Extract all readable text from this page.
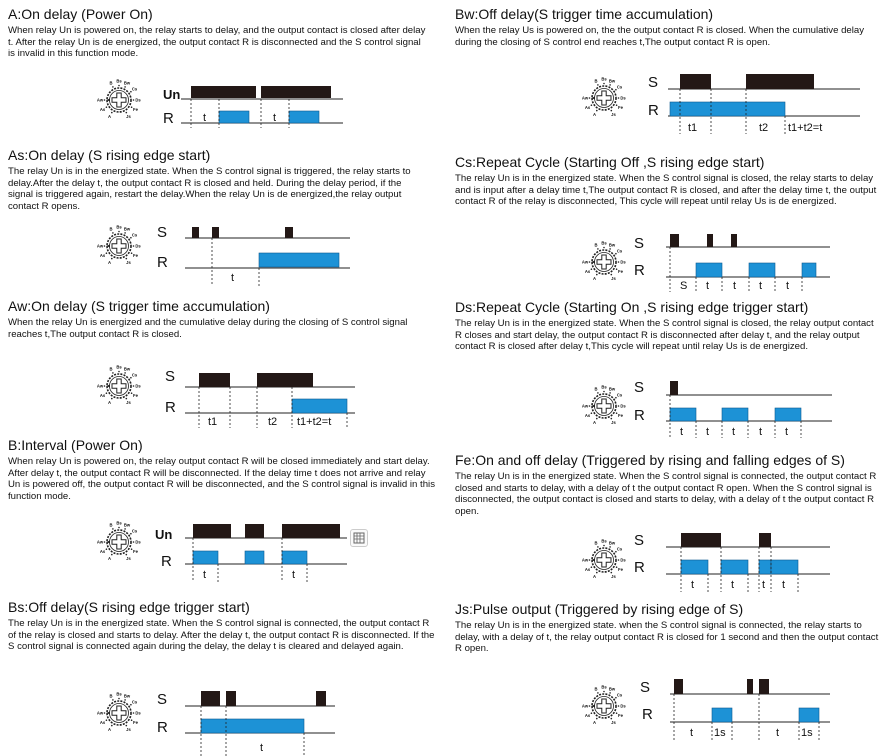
A:On delay (Power On)
When relay Un is powered on, the relay starts to delay, and the output contact is closed after delay t. After the relay Un is de energized, the output contact R is disconnected and the S control signal is invalid in this function mode.
B Bs Bw
Cs
Ds
Fe
Js
A
As
Aw	Un
R	t	t
As:On delay (S rising edge start)
The relay Un is in the energized state. When the S control signal is triggered, the relay starts to delay.After the delay t, the output contact R is closed and held. During the delay period, if the signal is triggered again, restart the delay.When the relay Un is de energized,the relay output contact R opens.
B Bs Bw
Cs
Ds
Fe
Js
A
As
Aw
S
R
t
Aw:On delay (S trigger time accumulation)
When the relay Un is energized and the cumulative delay during the closing of S control signal reaches t,The output contact R is closed.
B Bs Bw
Cs
Ds
Fe
Js
A
As
Aw
S
R
t1	t2 t1+t2=t
B:Interval (Power On)
When relay Un is powered on, the relay output contact R will be closed immediately and start delay. After delay t, the output contact R will be disconnected. If the delay time t does not arrive and relay Un is powered off, the output contact R will be disconnected, and the S control signal is invalid in this function mode.
B Bs Bw
Cs
Ds
Fe
Js
A
As
Aw	Un
R
t	t
Bs:Off delay(S rising edge trigger start)
The relay Un is in the energized state. When the S control signal is connected, the output contact R of the relay is closed and starts to delay. After the delay t, the output contact R is disconnected. If the S control signal is connected again during the delay, the delay t is cleared and delayed again.
B Bs Bw
Cs
Ds
Fe
Js
A
As
Aw
S
R
t
Bw:Off delay(S trigger time accumulation)
When the relay Us is powered on, the the output contact R is closed. When the cumulative delay during the closing of S control end reaches t,The output contact R is open.
B Bs Bw
Cs
Ds
Fe
Js
A
As
Aw
S
R
t1	t2 t1+t2=t
Cs:Repeat Cycle (Starting Off ,S rising edge start)
The relay Un is in the energized state. When the S control signal is closed, the relay starts to delay and is input after a delay time t,The output contact R is closed, and after the delay time t, the output contact R of the relay is disconnected, This cycle will repeat until relay Us is de energized.
B Bs Bw
Cs
Ds
Fe
Js
A
As
Aw
S
R
S t t t t
Ds:Repeat Cycle (Starting On ,S rising edge trigger start)
The relay Un is in the energized state. When the S control signal is closed, the relay output contact R closes and start delay, the output contact R is disconnected after delay t, and the relay output contact R is closed after delay t,This cycle will repeat until relay Us is de energized.
B Bs Bw
Cs
Ds
Fe
Js
A
As
Aw
S
R
t t t t t
Fe:On and off delay (Triggered by rising and falling edges of S)
The relay Un is in the energized state. When the S control signal is connected, the output contact R closed and starts to delay, with a delay of t the output contact R open. When the S control signal is disconnected, the output contact is closed and starts to delay, with a delay of t the output contact R open.
B Bs Bw
Cs
Ds
Fe
Js
A
As
Aw
S
R
t	t	t t
Js:Pulse output (Triggered by rising edge of S)
The relay Un is in the energized state. when the S control signal is connected, the relay starts to delay, with a delay of t, the relay output contact R is closed for 1 second and then the output contact R open.
B Bs Bw
Cs
Ds
Fe
Js
A
As
Aw
S
R
t 1s	t 1s
